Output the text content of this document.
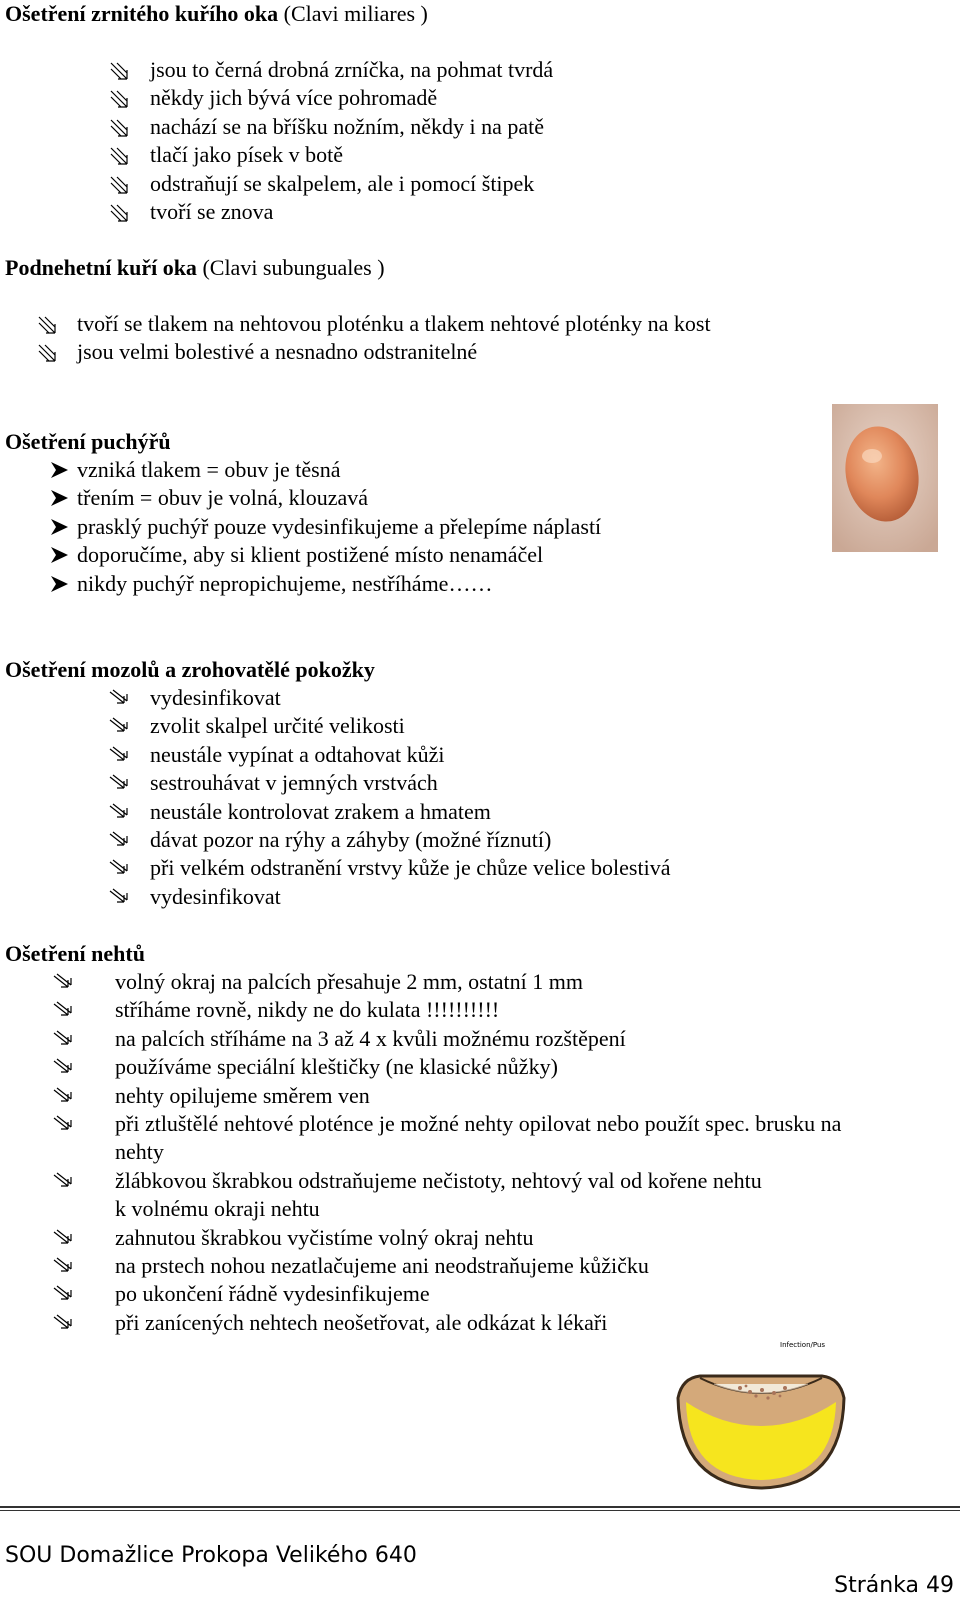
Ošetření zrnitého kuřího oka (Clavi miliares )
Podnehetní kuří oka (Clavi subunguales )
Ošetření puchýřů
Ošetření mozolů a zrohovatělé pokožky
Ošetření nehtů
jsou to černá drobná zrníčka, na pohmat tvrdá
někdy jich bývá více pohromadě
nachází se na bříšku nožním, někdy i na patě
tlačí jako písek v botě
odstraňují se skalpelem, ale i pomocí štipek
tvoří se znova
tvoří se tlakem na nehtovou ploténku a tlakem nehtové ploténky na kost
jsou velmi bolestivé a nesnadno odstranitelné
vzniká tlakem = obuv je těsná
třením = obuv je volná, klouzavá
prasklý puchýř pouze vydesinfikujeme a přelepíme náplastí
doporučíme, aby si klient postižené místo nenamáčel
nikdy puchýř nepropichujeme, nestříháme……
vydesinfikovat
zvolit skalpel určité velikosti
neustále vypínat a odtahovat kůži
sestrouhávat v jemných vrstvách
neustále kontrolovat zrakem a hmatem
dávat pozor na rýhy a záhyby (možné říznutí)
při velkém odstranění vrstvy kůže je chůze velice bolestivá
vydesinfikovat
volný okraj na palcích přesahuje 2 mm, ostatní 1 mm
stříháme rovně, nikdy ne do kulata !!!!!!!!!!
na palcích stříháme na 3 až 4 x kvůli možnému rozštěpení
používáme speciální kleštičky (ne klasické nůžky)
nehty opilujeme směrem ven
při ztluštělé nehtové ploténce je možné nehty opilovat nebo použít spec. brusku na
nehty
žlábkovou škrabkou odstraňujeme nečistoty, nehtový val od kořene nehtu
k volnému okraji nehtu
zahnutou škrabkou vyčistíme volný okraj nehtu
na prstech nohou nezatlačujeme ani neodstraňujeme kůžičku
po ukončení řádně vydesinfikujeme
při zanícených nehtech neošetřovat, ale odkázat k lékaři
Infection/Pus
SOU Domažlice Prokopa Velikého 640
Stránka 49
